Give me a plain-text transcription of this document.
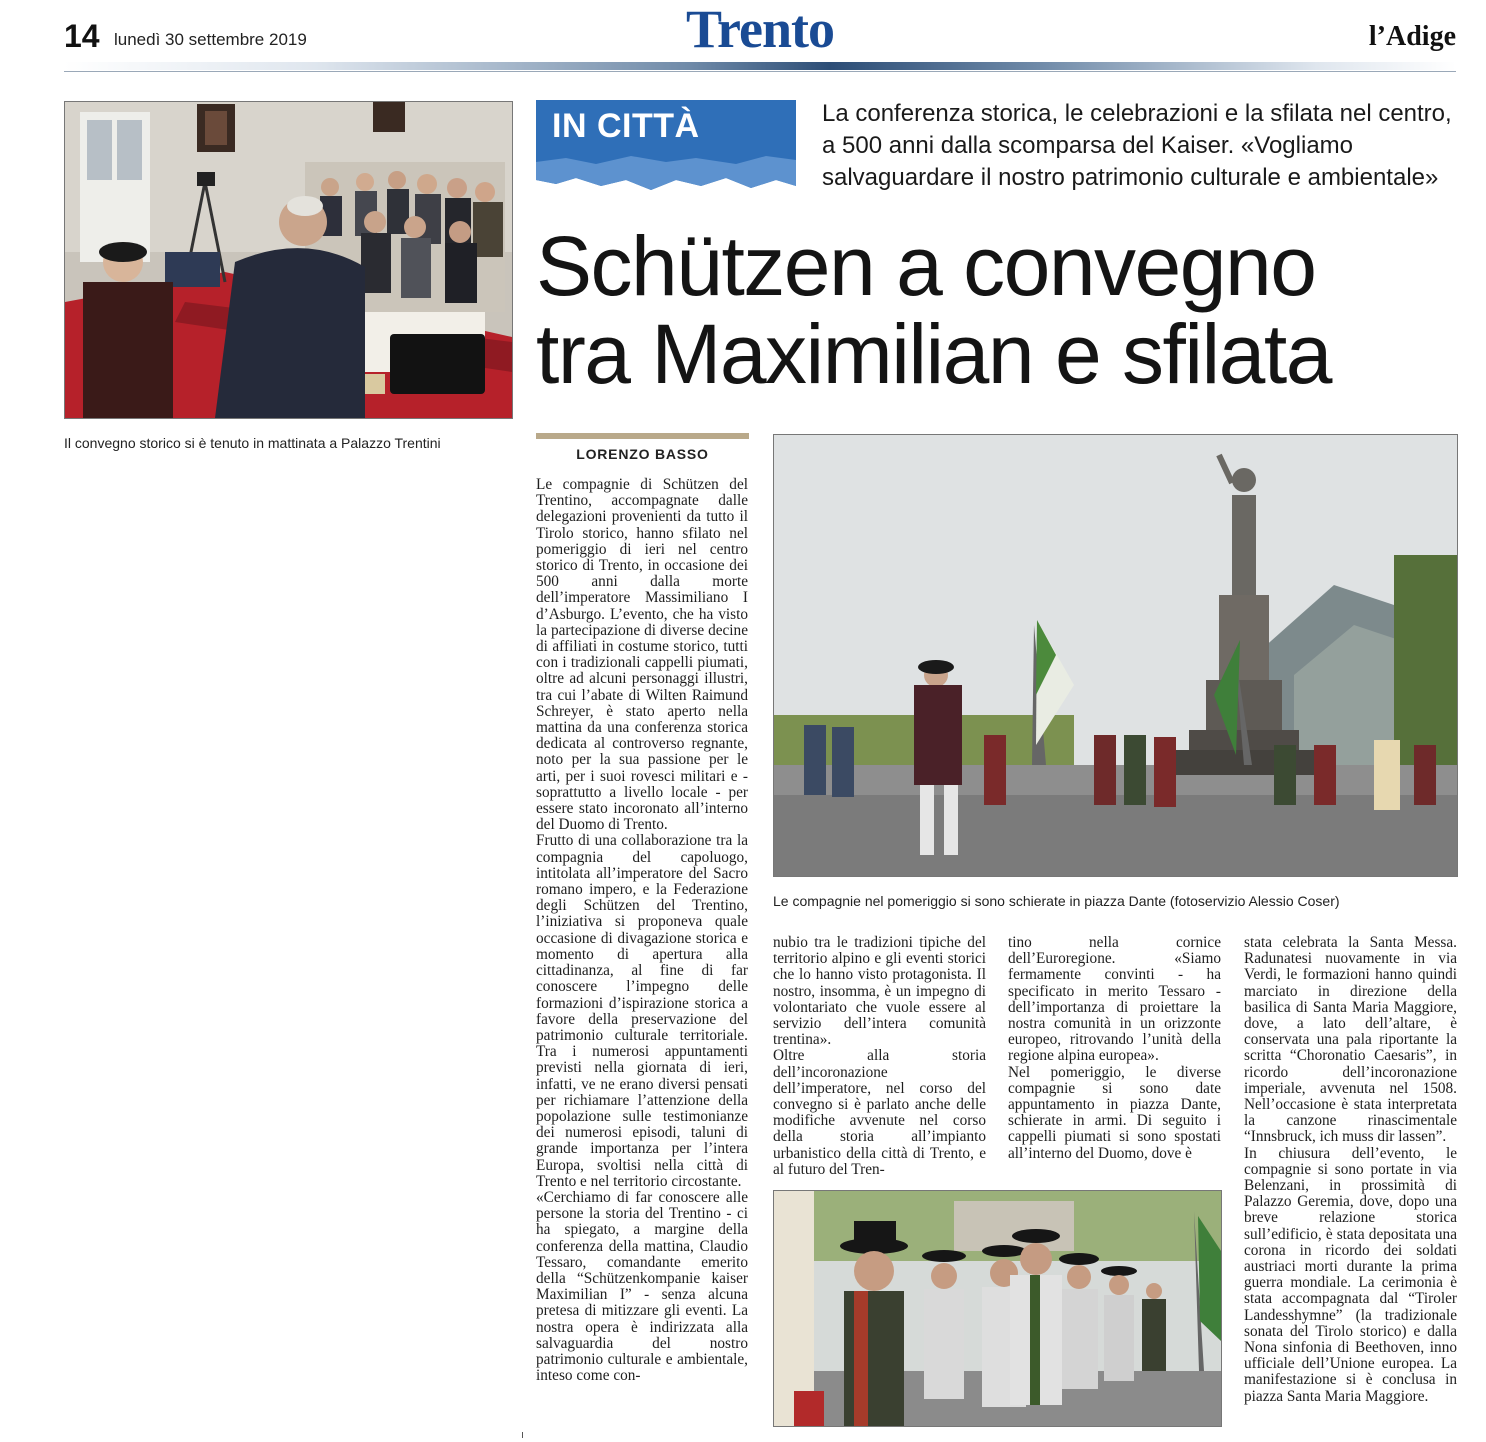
14 lunedì 30 settembre 2019	Trento	l’Adige
Il convegno storico si è tenuto in mattinata a Palazzo Trentini
IN CITTÀ	La conferenza storica, le celebrazioni e la sfilata nel centro, a 500 anni dalla scomparsa del Kaiser. «Vogliamo salvaguardare il nostro patrimonio culturale e ambientale»
Schützen a convegno
tra Maximilian e sfilata
LORENZO BASSO

Le compagnie di Schützen del Trentino, accompagnate dalle delegazioni provenienti da tutto il Tirolo storico, hanno sfilato nel pomeriggio di ieri nel centro storico di Trento, in occasione dei 500 anni dalla morte dell’imperatore Massimiliano I d’Asburgo. L’evento, che ha visto la partecipazione di diverse decine di affiliati in costume storico, tutti con i tradizionali cappelli piumati, oltre ad alcuni personaggi illustri, tra cui l’abate di Wilten Raimund Schreyer, è stato aperto nella mattina da una conferenza storica dedicata al controverso regnante, noto per la sua passione per le arti, per i suoi rovesci militari e - soprattutto a livello locale - per essere stato incoronato all’interno del Duomo di Trento.

Frutto di una collaborazione tra la compagnia del capoluogo, intitolata all’imperatore del Sacro romano impero, e la Federazione degli Schützen del Trentino, l’iniziativa si proponeva quale occasione di divagazione storica e momento di apertura alla cittadinanza, al fine di far conoscere l’impegno delle formazioni d’ispirazione storica a favore della preservazione del patrimonio culturale territoriale. Tra i numerosi appuntamenti previsti nella giornata di ieri, infatti, ve ne erano diversi pensati per richiamare l’attenzione della popolazione sulle testimonianze dei numerosi episodi, taluni di grande importanza per l’intera Europa, svoltisi nella città di Trento e nel territorio circostante.

«Cerchiamo di far conoscere alle persone la storia del Trentino - ci ha spiegato, a margine della conferenza della mattina, Claudio Tessaro, comandante emerito della “Schützenkompanie kaiser Maximilian I” - senza alcuna pretesa di mitizzare gli eventi. La nostra opera è indirizzata alla salvaguardia del nostro patrimonio culturale e ambientale, inteso come con-

Le compagnie nel pomeriggio si sono schierate in piazza Dante (fotoservizio Alessio Coser)

nubio tra le tradizioni tipiche del territorio alpino e gli eventi storici che lo hanno visto protagonista. Il nostro, insomma, è un impegno di volontariato che vuole essere al servizio dell’intera comunità trentina».

Oltre alla storia dell’incoronazione dell’imperatore, nel corso del convegno si è parlato anche delle modifiche avvenute nel corso della storia all’impianto urbanistico della città di Trento, e al futuro del Tren-

tino nella cornice dell’Euroregione. «Siamo fermamente convinti - ha specificato in merito Tessaro - dell’importanza di proiettare la nostra comunità in un orizzonte europeo, ritrovando l’unità della regione alpina europea».

Nel pomeriggio, le diverse compagnie si sono date appuntamento in piazza Dante, schierate in armi. Di seguito i cappelli piumati si sono spostati all’interno del Duomo, dove è

stata celebrata la Santa Messa. Radunatesi nuovamente in via Verdi, le formazioni hanno quindi marciato in direzione della basilica di Santa Maria Maggiore, dove, a lato dell’altare, è conservata una pala riportante la scritta “Choronatio Caesaris”, in ricordo dell’incoronazione imperiale, avvenuta nel 1508. Nell’occasione è stata interpretata la canzone rinascimentale “Innsbruck, ich muss dir lassen”.

In chiusura dell’evento, le compagnie si sono portate in via Belenzani, in prossimità di Palazzo Geremia, dove, dopo una breve relazione storica sull’edificio, è stata depositata una corona in ricordo dei soldati austriaci morti durante la prima guerra mondiale. La cerimonia è stata accompagnata dal “Tiroler Landesshymne” (la tradizionale sonata del Tirolo storico) e dalla Nona sinfonia di Beethoven, inno ufficiale dell’Unione europea. La manifestazione si è conclusa in piazza Santa Maria Maggiore.
